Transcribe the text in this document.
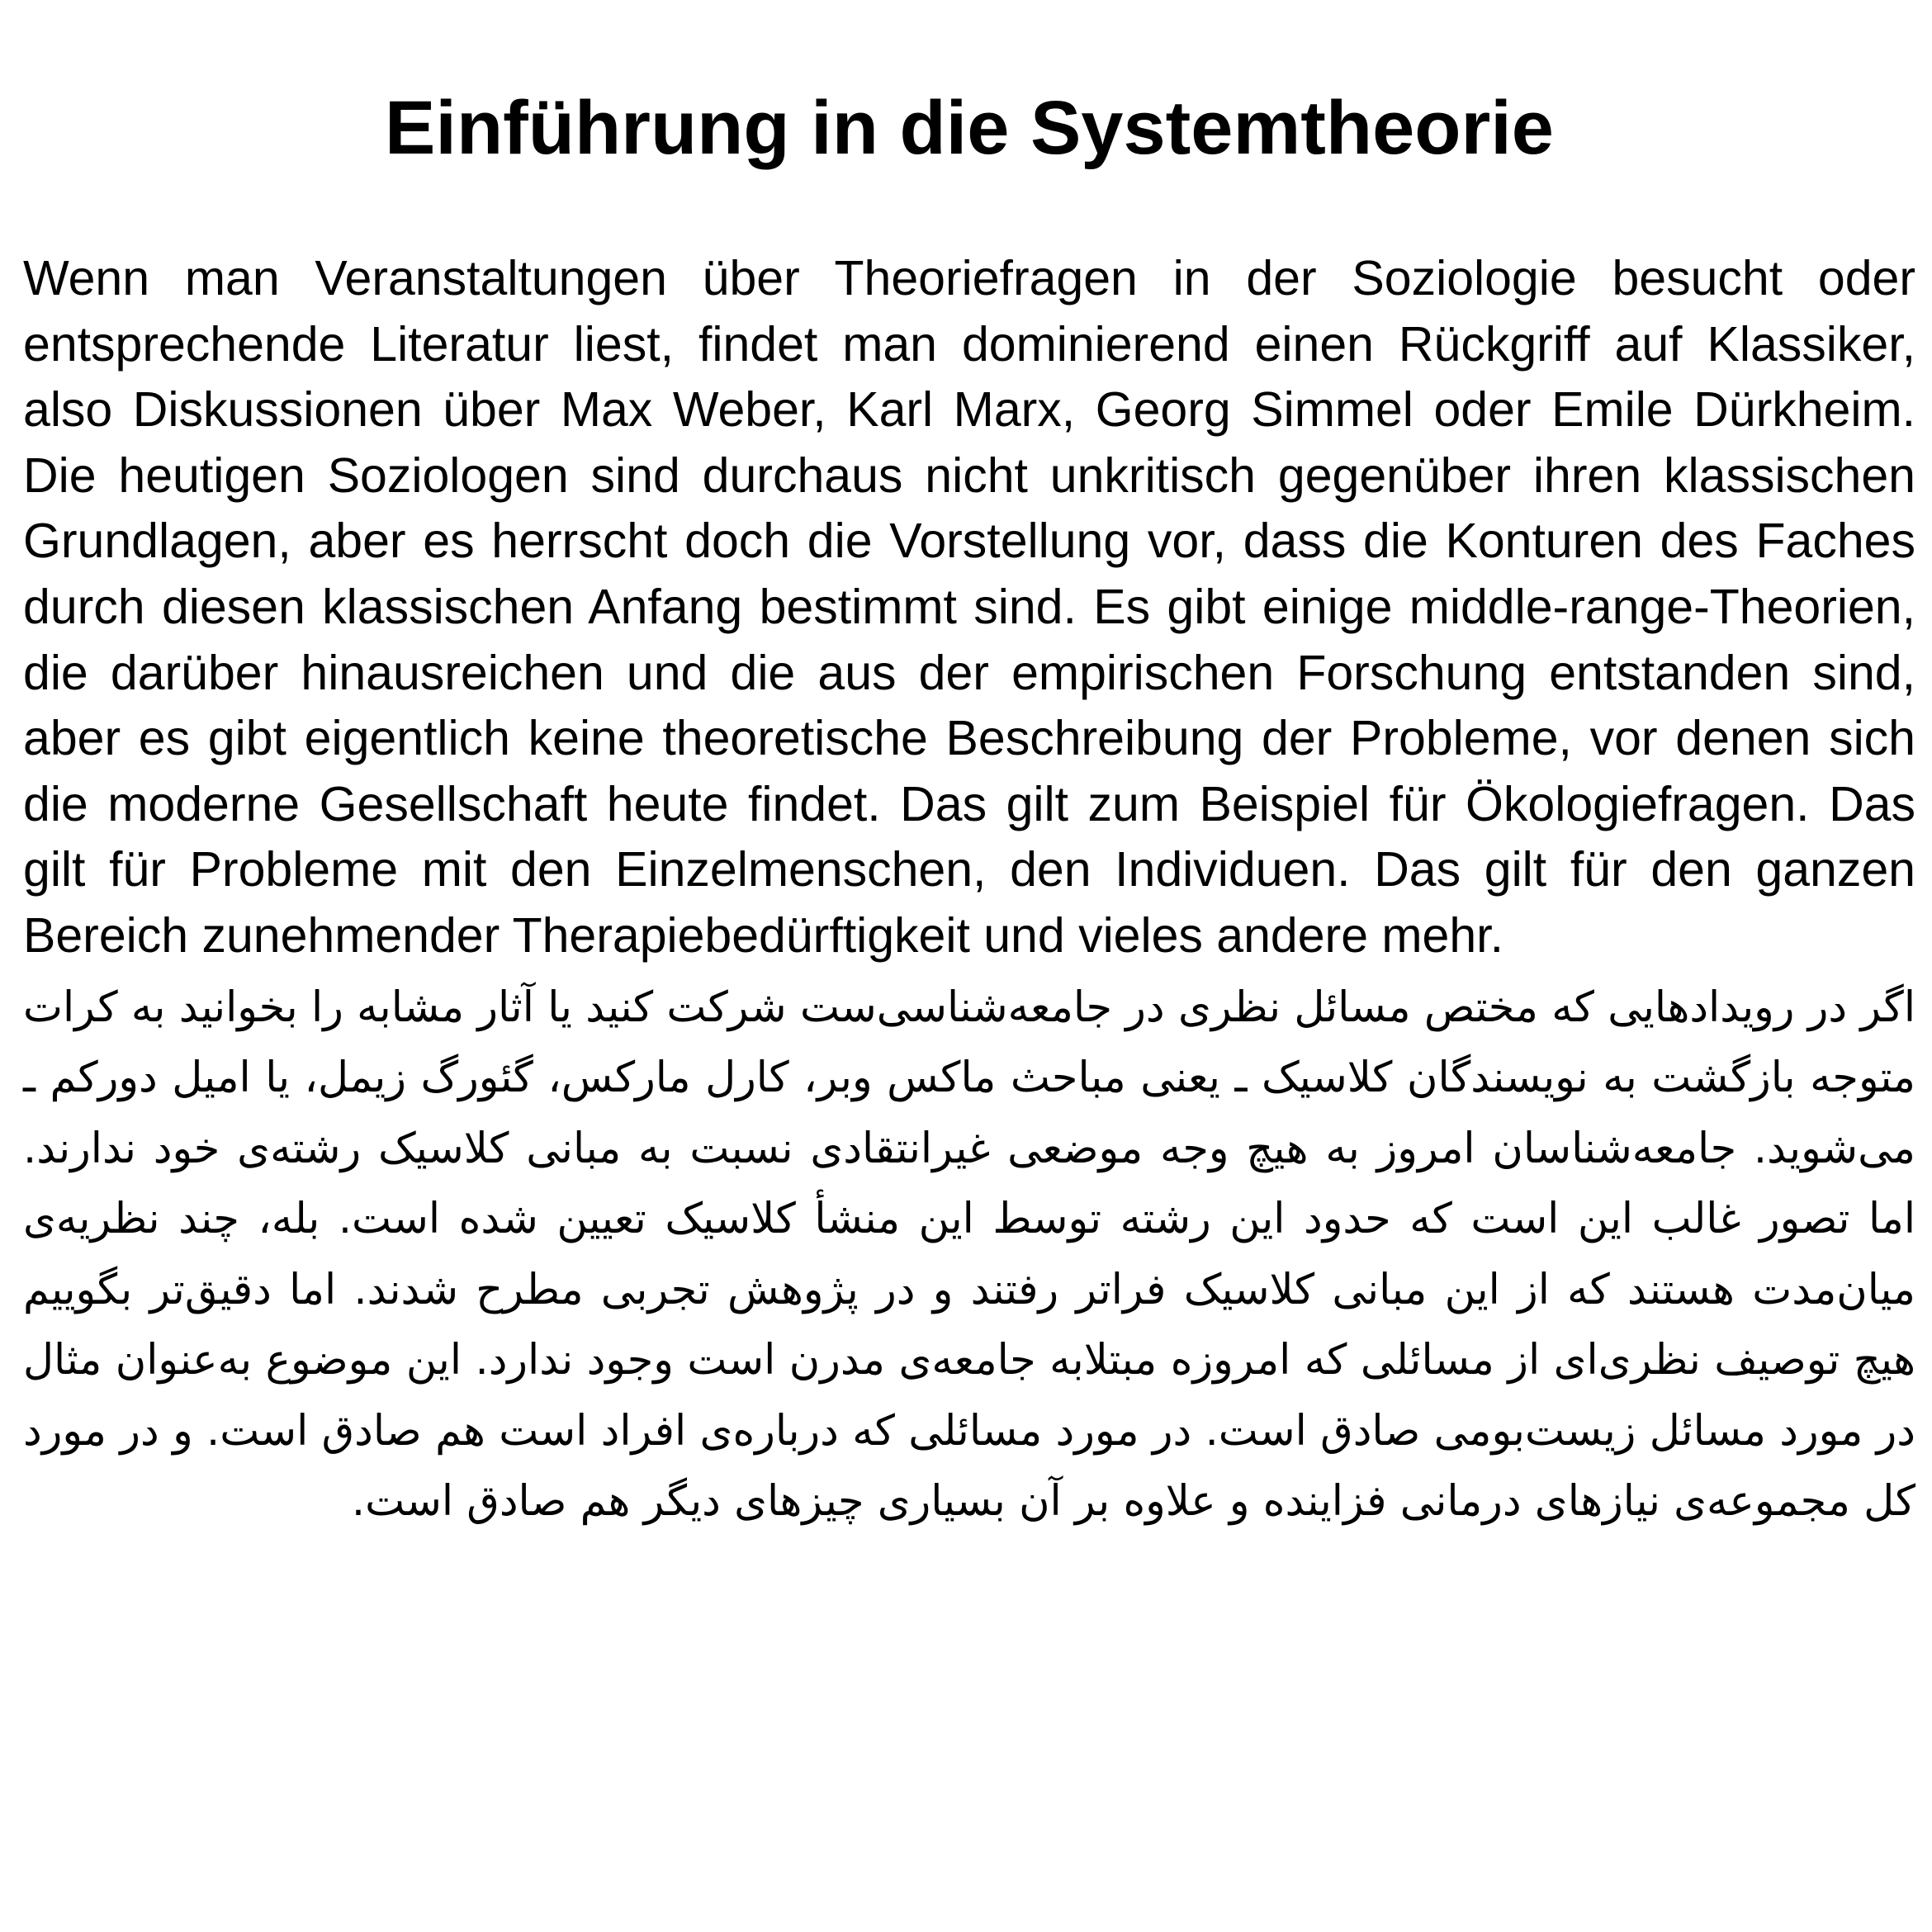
Einführung in die Systemtheorie

Wenn man Veranstaltungen über Theoriefragen in der Soziologie besucht oder entsprechende Literatur liest, findet man dominierend einen Rückgriff auf Klassiker, also Diskussionen über Max Weber, Karl Marx, Georg Simmel oder Emile Dürkheim. Die heutigen Soziologen sind durchaus nicht unkritisch gegenüber ihren klassischen Grundlagen, aber es herrscht doch die Vorstellung vor, dass die Konturen des Faches durch diesen klassischen Anfang bestimmt sind. Es gibt einige middle-range-Theorien, die darüber hinausreichen und die aus der empirischen Forschung entstanden sind, aber es gibt eigentlich keine theoretische Beschreibung der Probleme, vor denen sich die moderne Gesellschaft heute findet. Das gilt zum Beispiel für Ökologiefragen. Das gilt für Probleme mit den Einzelmenschen, den Individuen. Das gilt für den ganzen Bereich zunehmender Therapiebedürftigkeit und vieles andere mehr.

اگر در رویدادهایی که مختص مسائل نظری در جامعه‌شناسی‌ست شرکت کنید یا آثار مشابه را بخوانید به کرات متوجه بازگشت به نویسندگان کلاسیک ـ یعنی مباحث ماکس وبر، کارل مارکس، گئورگ زیمل، یا امیل دورکم ـ می‌شوید. جامعه‌شناسان امروز به هیچ وجه موضعی غیرانتقادی نسبت به مبانی کلاسیک رشته‌ی خود ندارند. اما تصور غالب این است که حدود این رشته توسط این منشأ کلاسیک تعیین شده است. بله، چند نظریه‌ی میان‌مدت هستند که از این مبانی کلاسیک فراتر رفتند و در پژوهش تجربی مطرح شدند. اما دقیق‌تر بگوییم هیچ توصیف نظری‌ای از مسائلی که امروزه مبتلابه جامعه‌ی مدرن است وجود ندارد. این موضوع به‌عنوان مثال در مورد مسائل زیست‌بومی صادق است. در مورد مسائلی که درباره‌ی افراد است هم صادق است. و در مورد کل مجموعه‌ی نیازهای درمانی فزاینده و علاوه بر آن بسیاری چیزهای دیگر هم صادق است.
